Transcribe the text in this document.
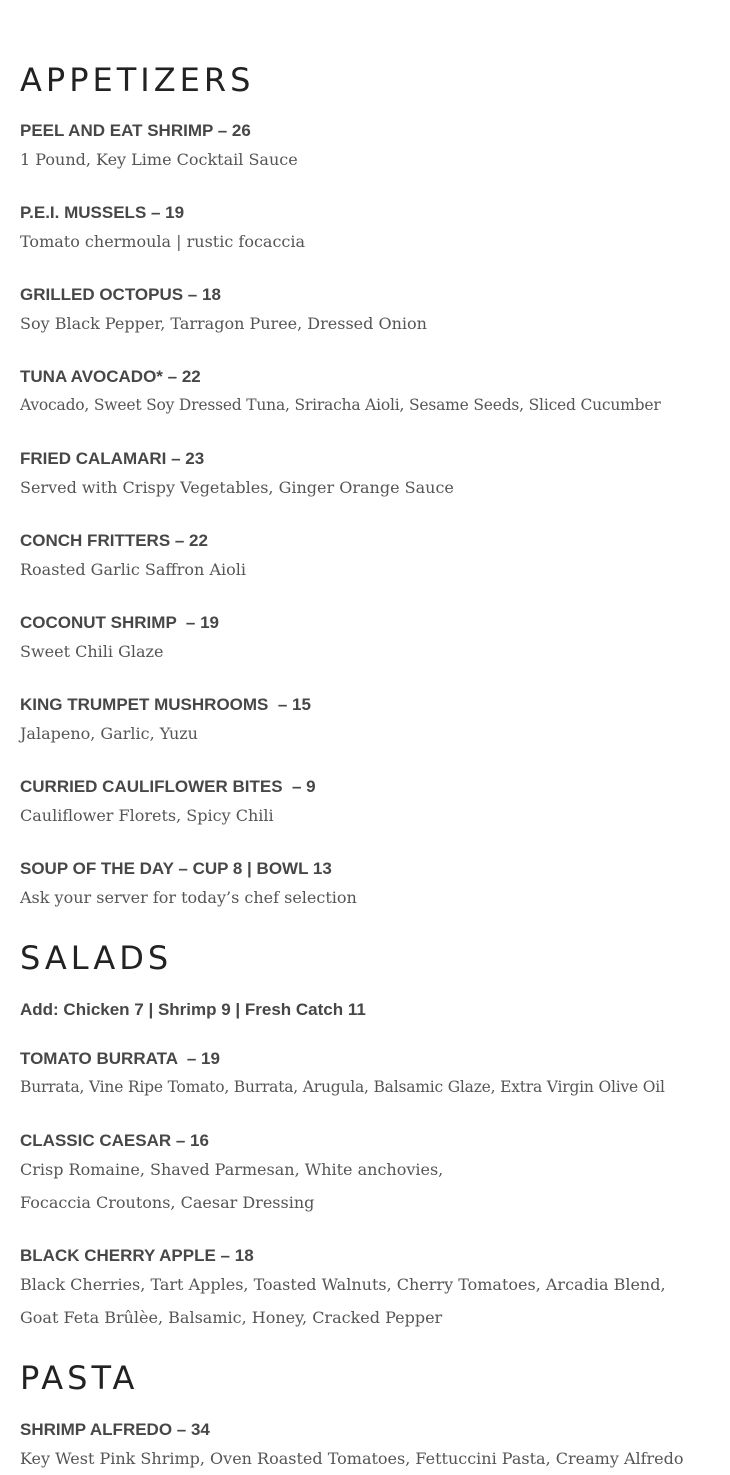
APPETIZERS
PEEL AND EAT SHRIMP – 26
1 Pound, Key Lime Cocktail Sauce
P.E.I. MUSSELS – 19
Tomato chermoula | rustic focaccia
GRILLED OCTOPUS – 18
Soy Black Pepper, Tarragon Puree, Dressed Onion
TUNA AVOCADO* – 22
Avocado, Sweet Soy Dressed Tuna, Sriracha Aioli, Sesame Seeds, Sliced Cucumber
FRIED CALAMARI – 23
Served with Crispy Vegetables, Ginger Orange Sauce
CONCH FRITTERS – 22
Roasted Garlic Saffron Aioli
COCONUT SHRIMP  – 19
Sweet Chili Glaze
KING TRUMPET MUSHROOMS  – 15
Jalapeno, Garlic, Yuzu
CURRIED CAULIFLOWER BITES  – 9
Cauliflower Florets, Spicy Chili
SOUP OF THE DAY – CUP 8 | BOWL 13
Ask your server for today’s chef selection
SALADS
Add: Chicken 7 | Shrimp 9 | Fresh Catch 11
TOMATO BURRATA  – 19
Burrata, Vine Ripe Tomato, Burrata, Arugula, Balsamic Glaze, Extra Virgin Olive Oil
CLASSIC CAESAR – 16
Crisp Romaine, Shaved Parmesan, White anchovies,
Focaccia Croutons, Caesar Dressing
BLACK CHERRY APPLE – 18
Black Cherries, Tart Apples, Toasted Walnuts, Cherry Tomatoes, Arcadia Blend,
Goat Feta Brûlèe, Balsamic, Honey, Cracked Pepper
PASTA
SHRIMP ALFREDO – 34
Key West Pink Shrimp, Oven Roasted Tomatoes, Fettuccini Pasta, Creamy Alfredo
